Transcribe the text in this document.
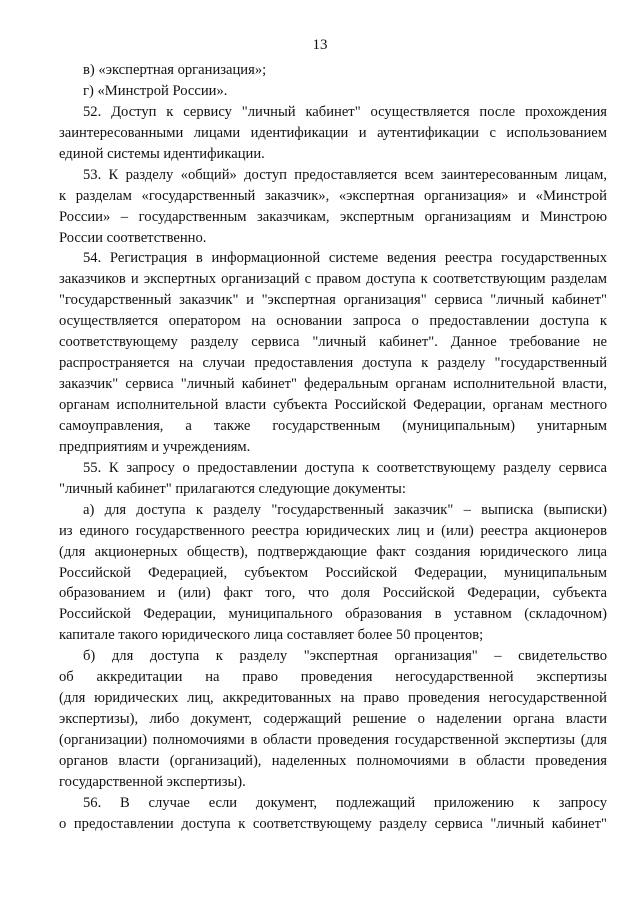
13
в) «экспертная организация»;
г) «Минстрой России».
52. Доступ к сервису "личный кабинет" осуществляется после прохождения
заинтересованными лицами идентификации и аутентификации с использованием
единой системы идентификации.
53. К разделу «общий» доступ предоставляется всем заинтересованным лицам,
к разделам «государственный заказчик», «экспертная организация» и «Минстрой
России» – государственным заказчикам, экспертным организациям и Минстрою
России соответственно.
54. Регистрация в информационной системе ведения реестра государственных
заказчиков и экспертных организаций с правом доступа к соответствующим разделам
"государственный заказчик" и "экспертная организация" сервиса "личный кабинет"
осуществляется оператором на основании запроса о предоставлении доступа к
соответствующему разделу сервиса "личный кабинет". Данное требование не
распространяется на случаи предоставления доступа к разделу "государственный
заказчик" сервиса "личный кабинет" федеральным органам исполнительной власти,
органам исполнительной власти субъекта Российской Федерации, органам местного
самоуправления, а также государственным (муниципальным) унитарным
предприятиям и учреждениям.
55. К запросу о предоставлении доступа к соответствующему разделу сервиса
"личный кабинет" прилагаются следующие документы:
а) для доступа к разделу "государственный заказчик" – выписка (выписки)
из единого государственного реестра юридических лиц и (или) реестра акционеров
(для акционерных обществ), подтверждающие факт создания юридического лица
Российской Федерацией, субъектом Российской Федерации, муниципальным
образованием и (или) факт того, что доля Российской Федерации, субъекта
Российской Федерации, муниципального образования в уставном (складочном)
капитале такого юридического лица составляет более 50 процентов;
б) для доступа к разделу "экспертная организация" – свидетельство
об аккредитации на право проведения негосударственной экспертизы
(для юридических лиц, аккредитованных на право проведения негосударственной
экспертизы), либо документ, содержащий решение о наделении органа власти
(организации) полномочиями в области проведения государственной экспертизы (для
органов власти (организаций), наделенных полномочиями в области проведения
государственной экспертизы).
56. В случае если документ, подлежащий приложению к запросу
о предоставлении доступа к соответствующему разделу сервиса "личный кабинет"
